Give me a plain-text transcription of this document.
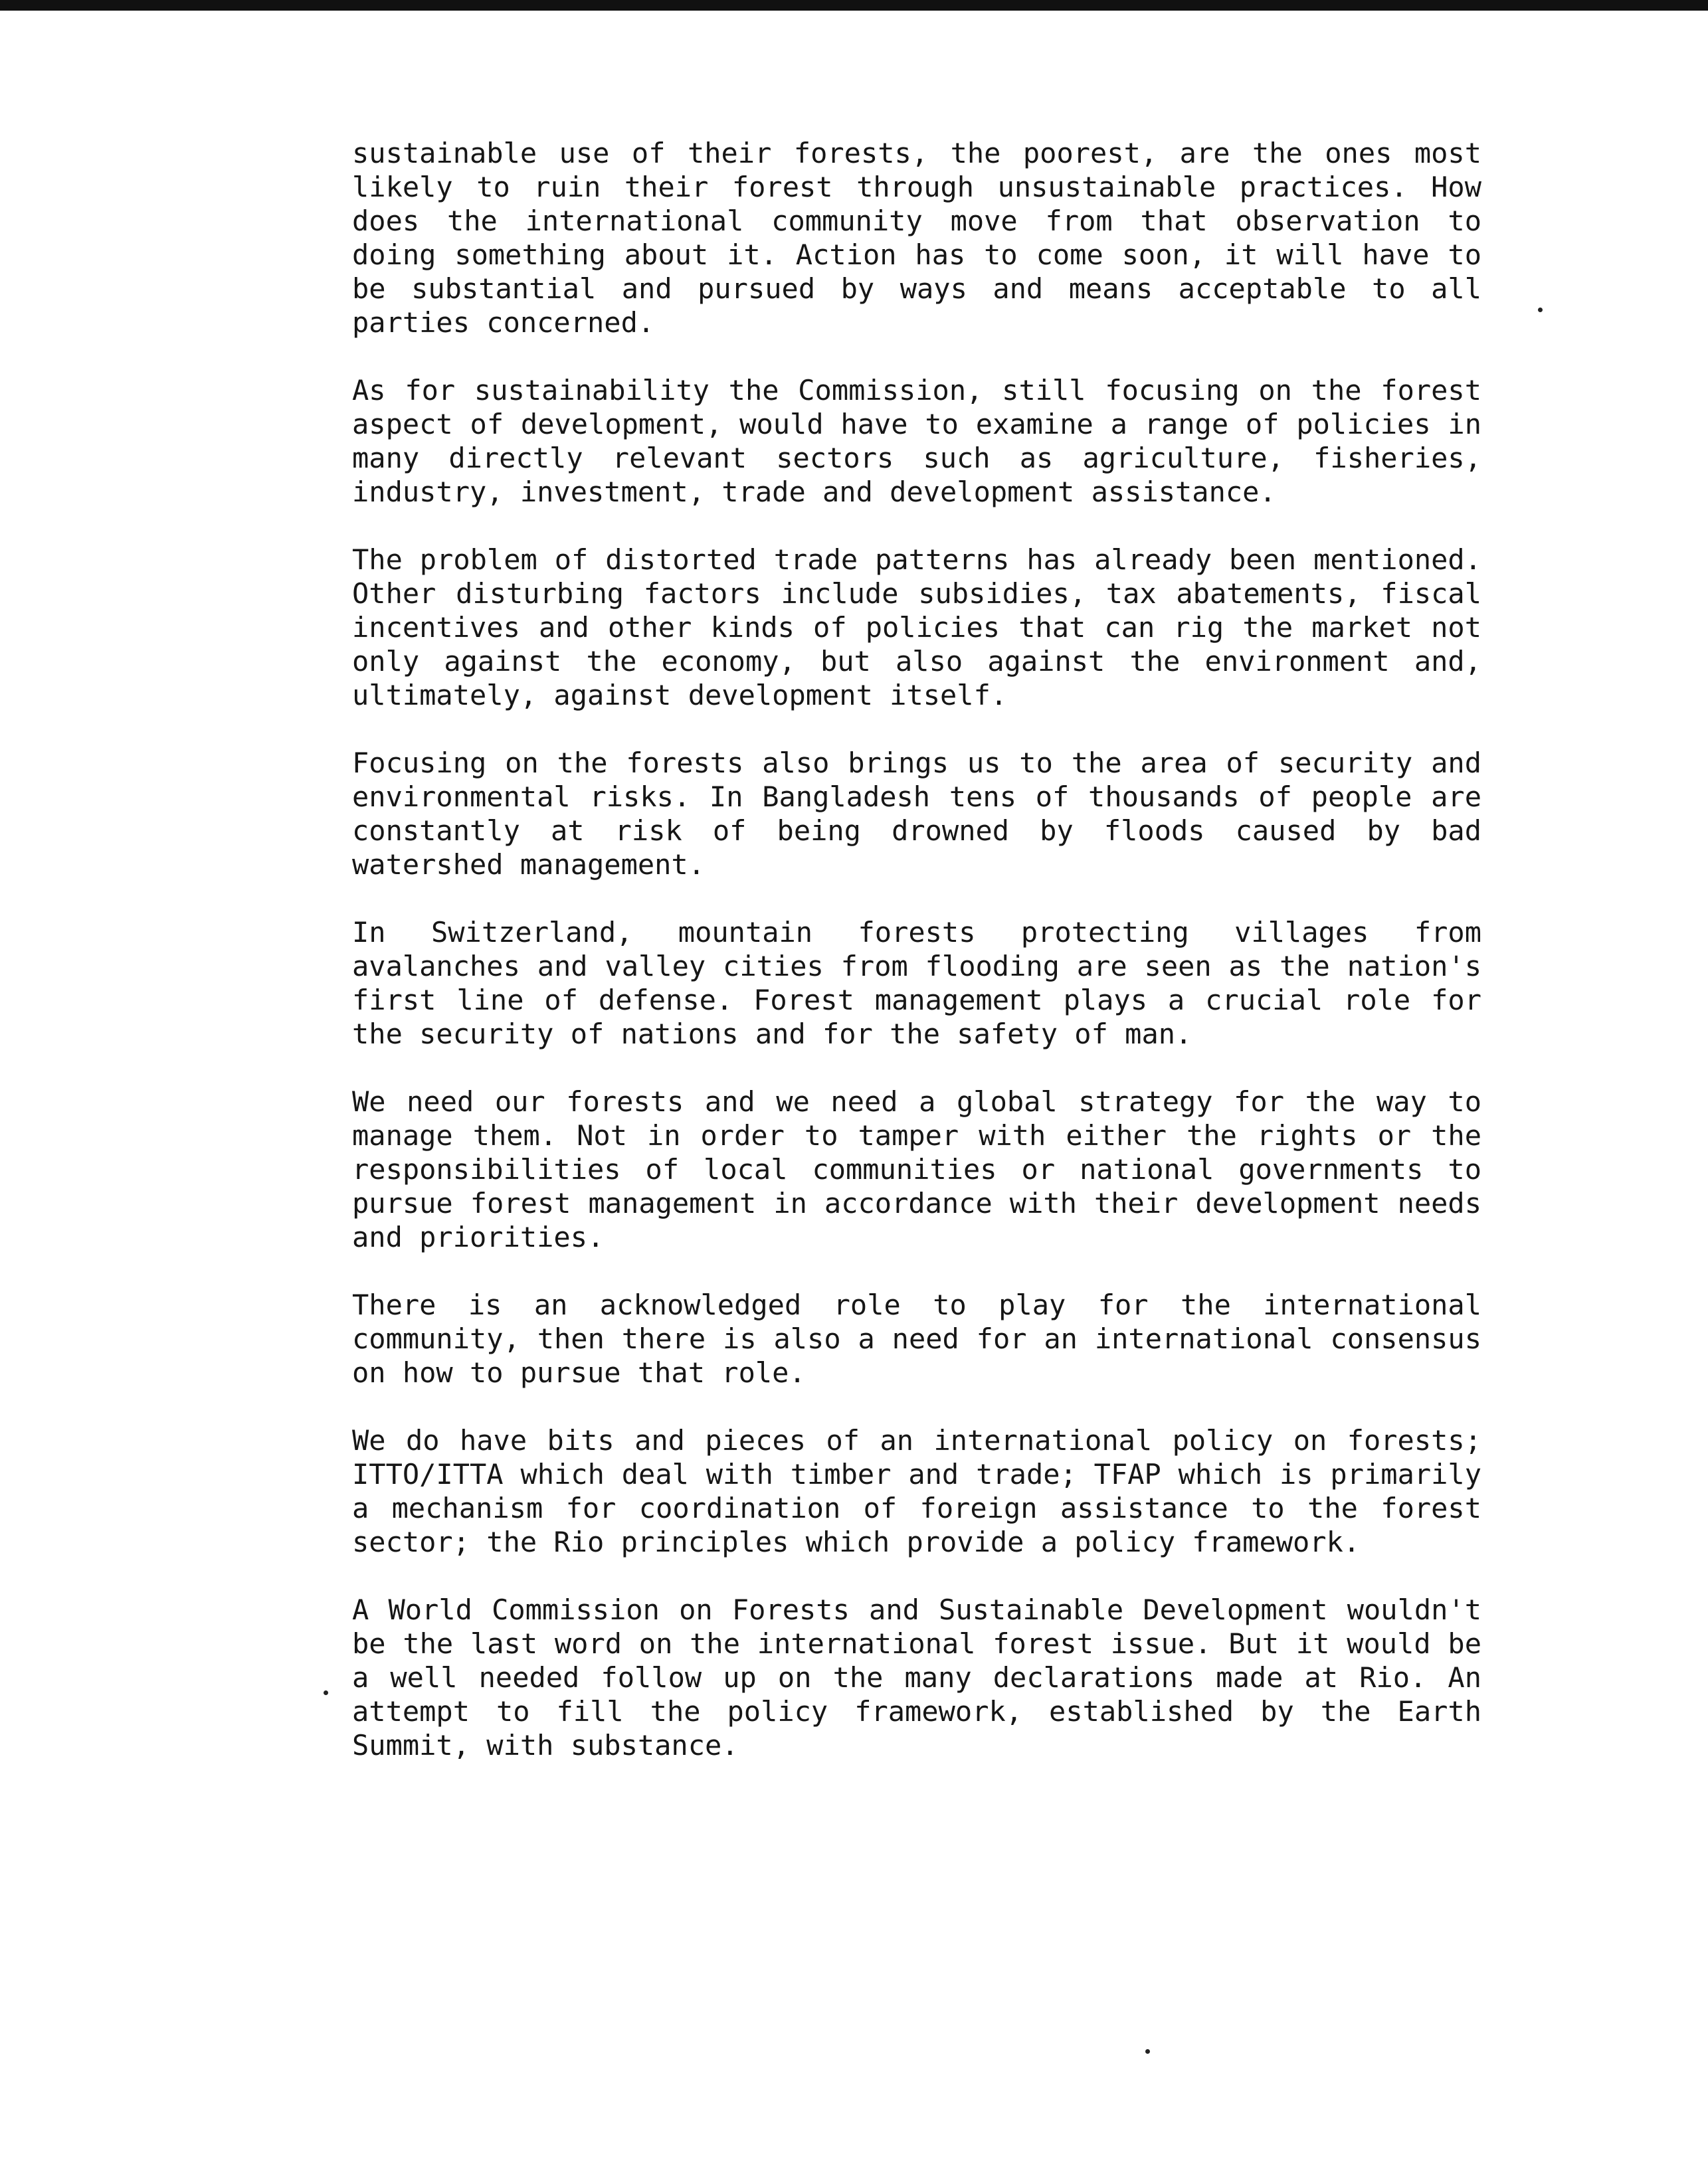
sustainable use of their forests, the poorest, are the ones most likely to ruin their forest through unsustainable practices. How does the international community move from that observation to doing something about it. Action has to come soon, it will have to be substantial and pursued by ways and means acceptable to all parties concerned.

As for sustainability the Commission, still focusing on the forest aspect of development, would have to examine a range of policies in many directly relevant sectors such as agriculture, fisheries, industry, investment, trade and development assistance.

The problem of distorted trade patterns has already been mentioned. Other disturbing factors include subsidies, tax abatements, fiscal incentives and other kinds of policies that can rig the market not only against the economy, but also against the environment and, ultimately, against development itself.

Focusing on the forests also brings us to the area of security and environmental risks. In Bangladesh tens of thousands of people are constantly at risk of being drowned by floods caused by bad watershed management.

In Switzerland, mountain forests protecting villages from avalanches and valley cities from flooding are seen as the nation's first line of defense. Forest management plays a crucial role for the security of nations and for the safety of man.

We need our forests and we need a global strategy for the way to manage them. Not in order to tamper with either the rights or the responsibilities of local communities or national governments to pursue forest management in accordance with their development needs and priorities.

There is an acknowledged role to play for the international community, then there is also a need for an international consensus on how to pursue that role.

We do have bits and pieces of an international policy on forests; ITTO/ITTA which deal with timber and trade; TFAP which is primarily a mechanism for coordination of foreign assistance to the forest sector; the Rio principles which provide a policy framework.

A World Commission on Forests and Sustainable Development wouldn't be the last word on the international forest issue. But it would be a well needed follow up on the many declarations made at Rio. An attempt to fill the policy framework, established by the Earth Summit, with substance.
